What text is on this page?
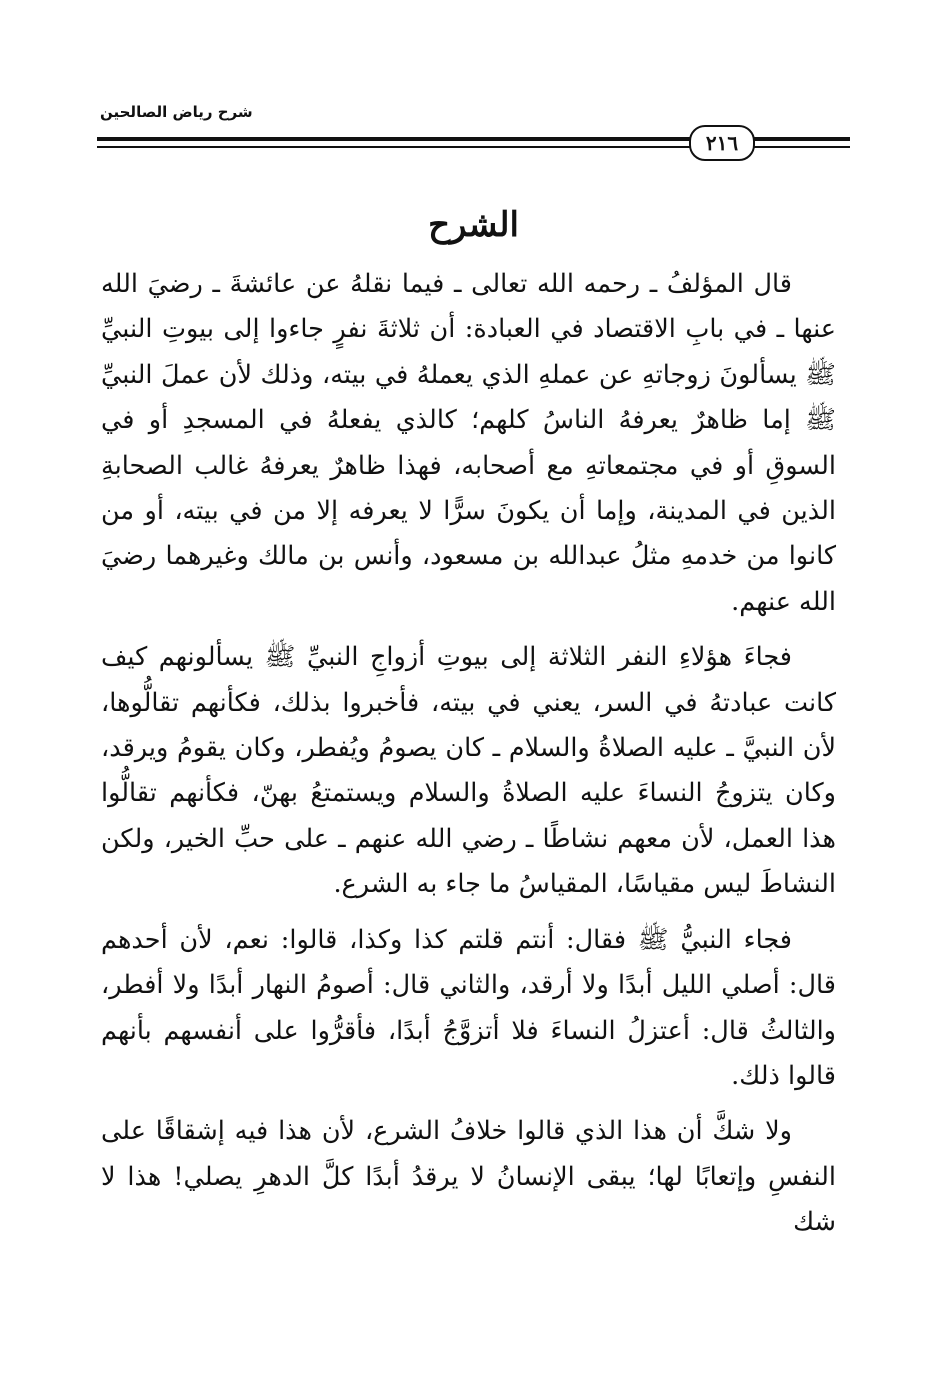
شرح رياض الصالحين
٢١٦
الشرح

قال المؤلفُ ـ رحمه الله تعالى ـ فيما نقلهُ عن عائشةَ ـ رضيَ الله عنها ـ في بابِ الاقتصاد في العبادة: أن ثلاثةَ نفرٍ جاءوا إلى بيوتِ النبيِّ ﷺ يسألونَ زوجاتهِ عن عملهِ الذي يعملهُ في بيته، وذلك لأن عملَ النبيِّ ﷺ إما ظاهرٌ يعرفهُ الناسُ كلهم؛ كالذي يفعلهُ في المسجدِ أو في السوقِ أو في مجتمعاتهِ مع أصحابه، فهذا ظاهرٌ يعرفهُ غالب الصحابةِ الذين في المدينة، وإما أن يكونَ سرًّا لا يعرفه إلا من في بيته، أو من كانوا من خدمهِ مثلُ عبدالله بن مسعود، وأنس بن مالك وغيرهما رضيَ الله عنهم.

فجاءَ هؤلاءِ النفر الثلاثة إلى بيوتِ أزواجِ النبيِّ ﷺ يسألونهم كيف كانت عبادتهُ في السر، يعني في بيته، فأخبروا بذلك، فكأنهم تقالُّوها، لأن النبيَّ ـ عليه الصلاةُ والسلام ـ كان يصومُ ويُفطر، وكان يقومُ ويرقد، وكان يتزوجُ النساءَ عليه الصلاةُ والسلام ويستمتعُ بهنّ، فكأنهم تقالُّوا هذا العمل، لأن معهم نشاطًا ـ رضي الله عنهم ـ على حبِّ الخير، ولكن النشاطَ ليس مقياسًا، المقياسُ ما جاء به الشرع.

فجاء النبيُّ ﷺ فقال: أنتم قلتم كذا وكذا، قالوا: نعم، لأن أحدهم قال: أصلي الليل أبدًا ولا أرقد، والثاني قال: أصومُ النهار أبدًا ولا أفطر، والثالثُ قال: أعتزلُ النساءَ فلا أتزوَّجُ أبدًا، فأقرُّوا على أنفسهم بأنهم قالوا ذلك.

ولا شكَّ أن هذا الذي قالوا خلافُ الشرع، لأن هذا فيه إشقاقًا على النفسِ وإتعابًا لها؛ يبقى الإنسانُ لا يرقدُ أبدًا كلَّ الدهرِ يصلي! هذا لا شك
